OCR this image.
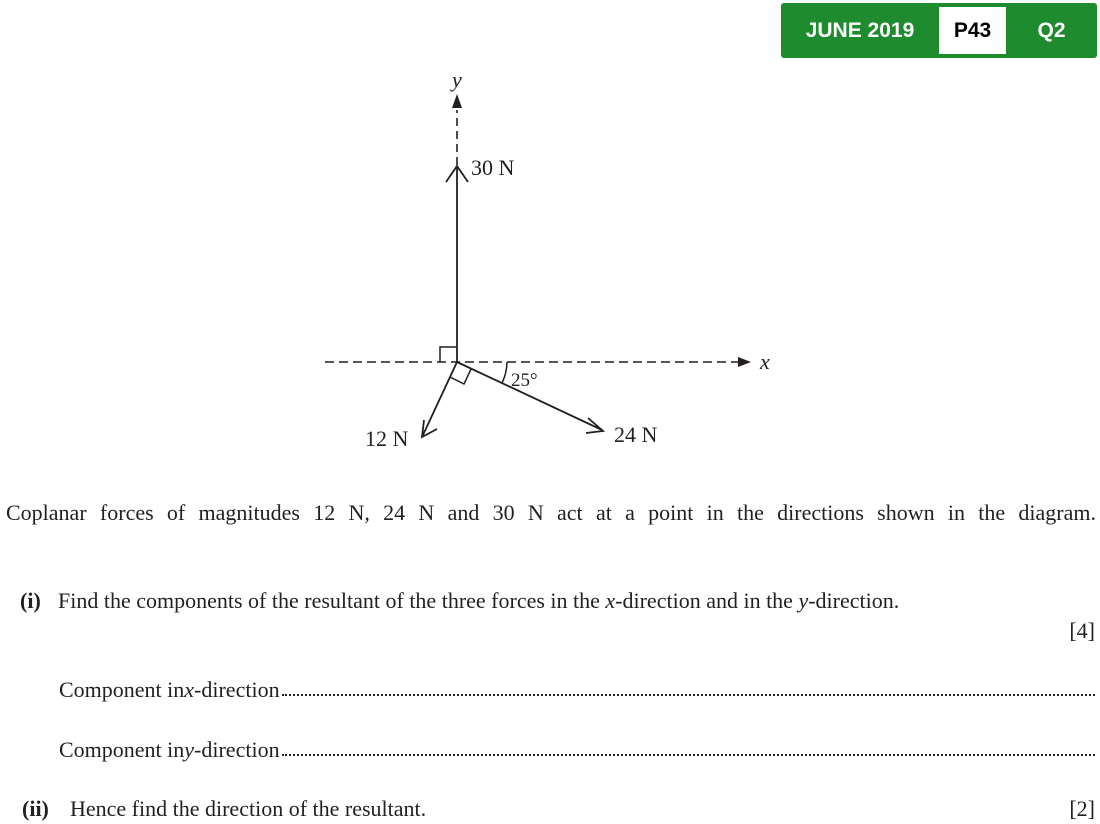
JUNE 2019	P43	Q2
y
x
30 N
24 N
12 N
25°
Coplanar forces of magnitudes 12 N, 24 N and 30 N act at a point in the directions shown in the diagram.
(i) Find the components of the resultant of the three forces in the x-direction and in the y-direction.
[4]
Component in x -direction
Component in y -direction
(ii) Hence find the direction of the resultant.	[2]
